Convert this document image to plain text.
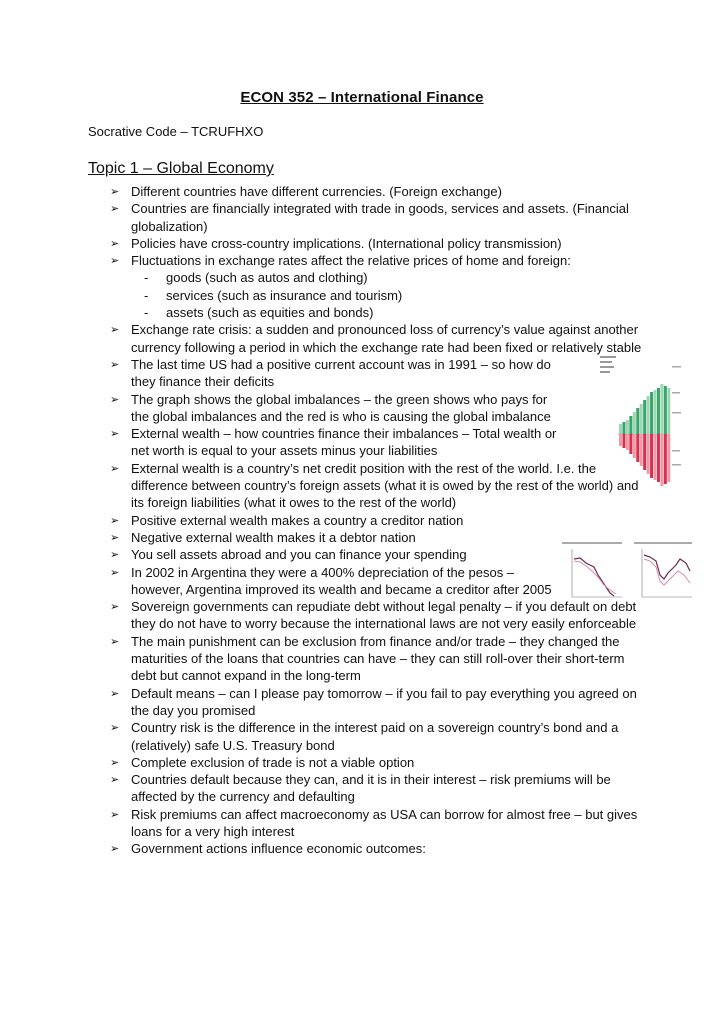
ECON 352 – International Finance
Socrative Code – TCRUFHXO
Topic 1 – Global Economy
➢ Different countries have different currencies. (Foreign exchange)
➢ Countries are financially integrated with trade in goods, services and assets. (Financial globalization)
➢ Policies have cross-country implications. (International policy transmission)
➢ Fluctuations in exchange rates affect the relative prices of home and foreign:
- goods (such as autos and clothing)
- services (such as insurance and tourism)
- assets (such as equities and bonds)
➢ Exchange rate crisis: a sudden and pronounced loss of currency’s value against another currency following a period in which the exchange rate had been fixed or relatively stable
➢ The last time US had a positive current account was in 1991 – so how do they finance their deficits
➢ The graph shows the global imbalances – the green shows who pays for the global imbalances and the red is who is causing the global imbalance
➢ External wealth – how countries finance their imbalances – Total wealth or net worth is equal to your assets minus your liabilities
➢ External wealth is a country’s net credit position with the rest of the world. I.e. the difference between country’s foreign assets (what it is owed by the rest of the world) and its foreign liabilities (what it owes to the rest of the world)
➢ Positive external wealth makes a country a creditor nation
➢ Negative external wealth makes it a debtor nation
➢ You sell assets abroad and you can finance your spending
➢ In 2002 in Argentina they were a 400% depreciation of the pesos – however, Argentina improved its wealth and became a creditor after 2005
➢ Sovereign governments can repudiate debt without legal penalty – if you default on debt they do not have to worry because the international laws are not very easily enforceable
➢ The main punishment can be exclusion from finance and/or trade – they changed the maturities of the loans that countries can have – they can still roll-over their short-term debt but cannot expand in the long-term
➢ Default means – can I please pay tomorrow – if you fail to pay everything you agreed on the day you promised
➢ Country risk is the difference in the interest paid on a sovereign country’s bond and a (relatively) safe U.S. Treasury bond
➢ Complete exclusion of trade is not a viable option
➢ Countries default because they can, and it is in their interest – risk premiums will be affected by the currency and defaulting
➢ Risk premiums can affect macroeconomy as USA can borrow for almost free – but gives loans for a very high interest
➢ Government actions influence economic outcomes:
